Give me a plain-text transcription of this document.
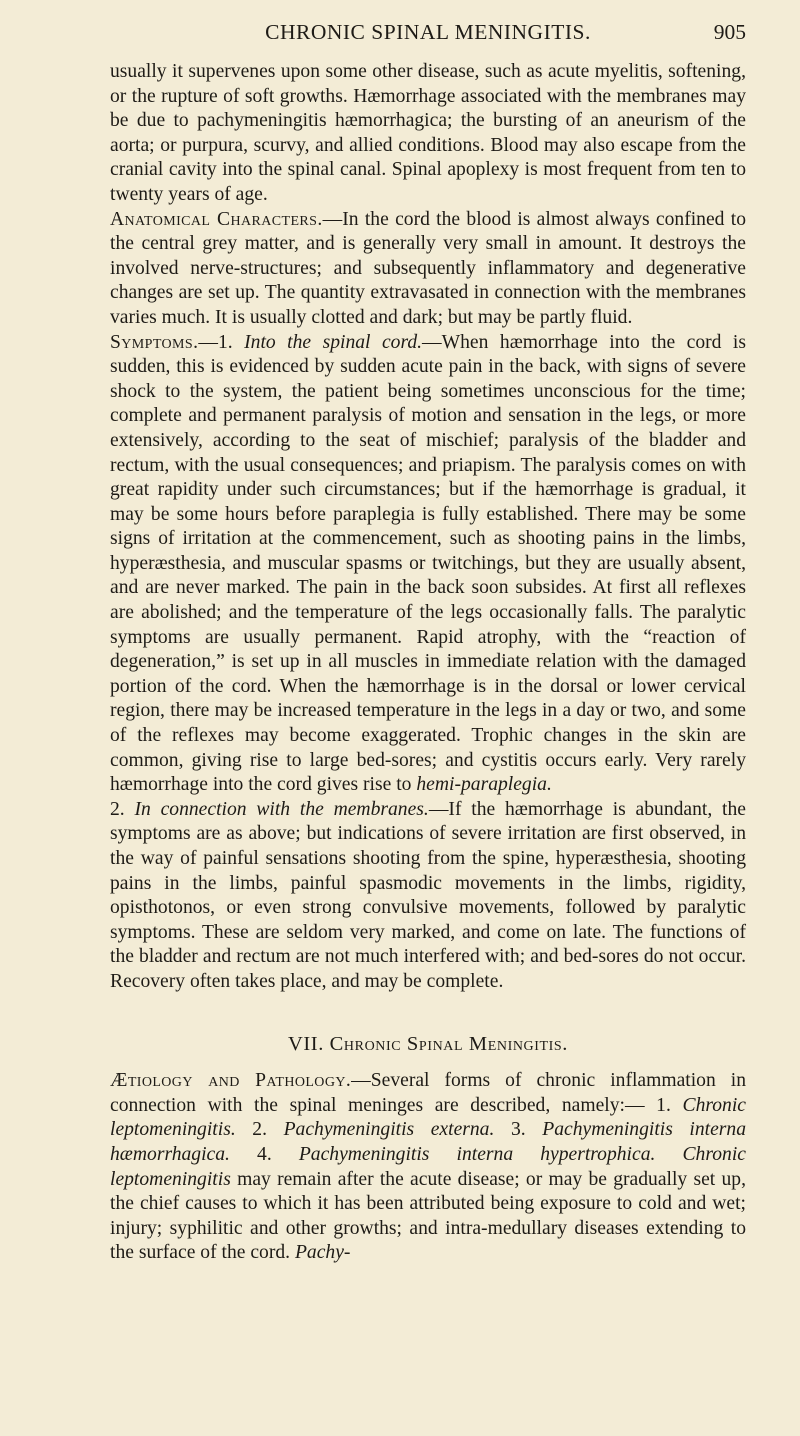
CHRONIC SPINAL MENINGITIS.	905

usually it supervenes upon some other disease, such as acute myelitis, softening, or the rupture of soft growths. Hæmorrhage associated with the membranes may be due to pachymeningitis hæmorrhagica; the bursting of an aneurism of the aorta; or purpura, scurvy, and allied conditions. Blood may also escape from the cranial cavity into the spinal canal. Spinal apoplexy is most frequent from ten to twenty years of age.

Anatomical Characters.—In the cord the blood is almost always confined to the central grey matter, and is generally very small in amount. It destroys the involved nerve-structures; and subsequently inflammatory and degenerative changes are set up. The quantity extravasated in connection with the membranes varies much. It is usually clotted and dark; but may be partly fluid.

Symptoms.—1. Into the spinal cord.—When hæmorrhage into the cord is sudden, this is evidenced by sudden acute pain in the back, with signs of severe shock to the system, the patient being sometimes unconscious for the time; complete and permanent paralysis of motion and sensation in the legs, or more extensively, according to the seat of mischief; paralysis of the bladder and rectum, with the usual consequences; and priapism. The paralysis comes on with great rapidity under such circumstances; but if the hæmorrhage is gradual, it may be some hours before paraplegia is fully established. There may be some signs of irritation at the commencement, such as shooting pains in the limbs, hyperæsthesia, and muscular spasms or twitchings, but they are usually absent, and are never marked. The pain in the back soon subsides. At first all reflexes are abolished; and the temperature of the legs occasionally falls. The paralytic symptoms are usually permanent. Rapid atrophy, with the “reaction of degeneration,” is set up in all muscles in immediate relation with the damaged portion of the cord. When the hæmorrhage is in the dorsal or lower cervical region, there may be increased temperature in the legs in a day or two, and some of the reflexes may become exaggerated. Trophic changes in the skin are common, giving rise to large bed-sores; and cystitis occurs early. Very rarely hæmorrhage into the cord gives rise to hemi-paraplegia.

2. In connection with the membranes.—If the hæmorrhage is abundant, the symptoms are as above; but indications of severe irritation are first observed, in the way of painful sensations shooting from the spine, hyperæsthesia, shooting pains in the limbs, painful spasmodic movements in the limbs, rigidity, opisthotonos, or even strong convulsive movements, followed by paralytic symptoms. These are seldom very marked, and come on late. The functions of the bladder and rectum are not much interfered with; and bed-sores do not occur. Recovery often takes place, and may be complete.

VII. Chronic Spinal Meningitis.

Ætiology and Pathology.—Several forms of chronic inflammation in connection with the spinal meninges are described, namely:— 1. Chronic leptomeningitis. 2. Pachymeningitis externa. 3. Pachymeningitis interna hæmorrhagica. 4. Pachymeningitis interna hypertrophica. Chronic leptomeningitis may remain after the acute disease; or may be gradually set up, the chief causes to which it has been attributed being exposure to cold and wet; injury; syphilitic and other growths; and intra-medullary diseases extending to the surface of the cord. Pachy-
